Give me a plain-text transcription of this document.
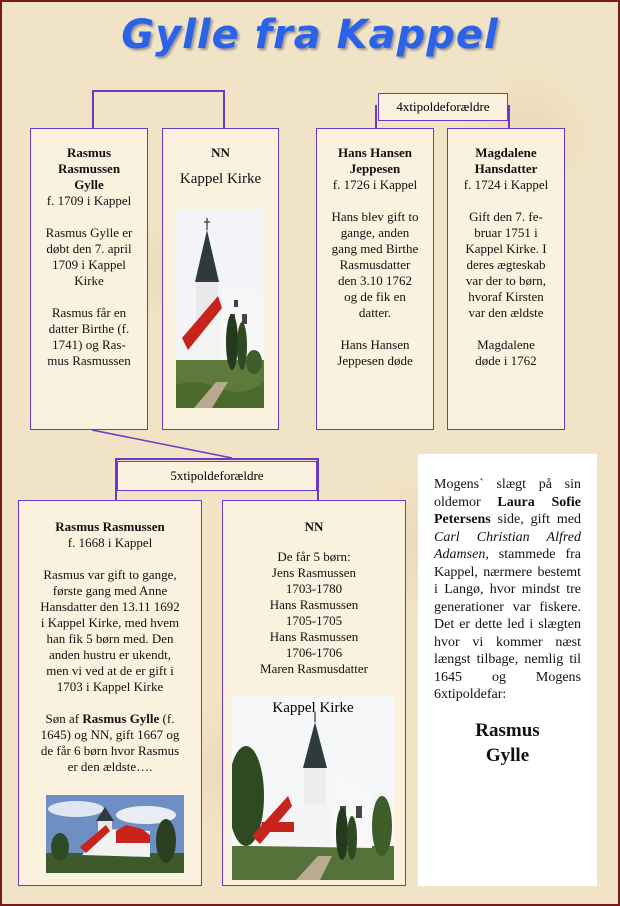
Gylle fra Kappel
4xtipoldeforældre
5xtipoldeforældre

Rasmus

Rasmussen

Gylle

f. 1709 i Kappel

Rasmus Gylle er

døbt den 7. april

1709 i Kappel

Kirke

Rasmus får en

datter Birthe (f.

1741) og Ras-

mus Rasmussen

NN

Kappel Kirke

Hans Hansen

Jeppesen

f. 1726 i Kappel

Hans blev gift to

gange, anden

gang med Birthe

Rasmusdatter

den 3.10 1762

og de fik en

datter.

Hans Hansen

Jeppesen døde

Magdalene

Hansdatter

f. 1724 i Kappel

Gift den 7. fe-

bruar 1751 i

Kappel Kirke. I

deres ægteskab

var der to børn,

hvoraf Kirsten

var den ældste

Magdalene

døde i 1762

Rasmus Rasmussen

f. 1668 i Kappel

Rasmus var gift to gange,

første gang med Anne

Hansdatter den 13.11 1692

i Kappel Kirke, med hvem

han fik 5 børn med. Den

anden hustru er ukendt,

men vi ved at de er gift i

1703 i Kappel Kirke

Søn af Rasmus Gylle (f.

1645) og NN, gift 1667 og

de får 6 børn hvor Rasmus

er den ældste….

NN

De får 5 børn:

Jens Rasmussen

1703-1780

Hans Rasmussen

1705-1705

Hans Rasmussen

1706-1706

Maren Rasmusdatter

Kappel Kirke

Mogens` slægt på sin oldemor Laura Sofie Petersens side, gift med Carl Christian Alfred Adamsen, stammede fra Kappel, nærmere bestemt i Langø, hvor mindst tre generationer var fiskere. Det er dette led i slægten hvor vi kommer næst længst tilbage, nemlig til 1645 og Mogens 6xtipoldefar:
Rasmus
Gylle
